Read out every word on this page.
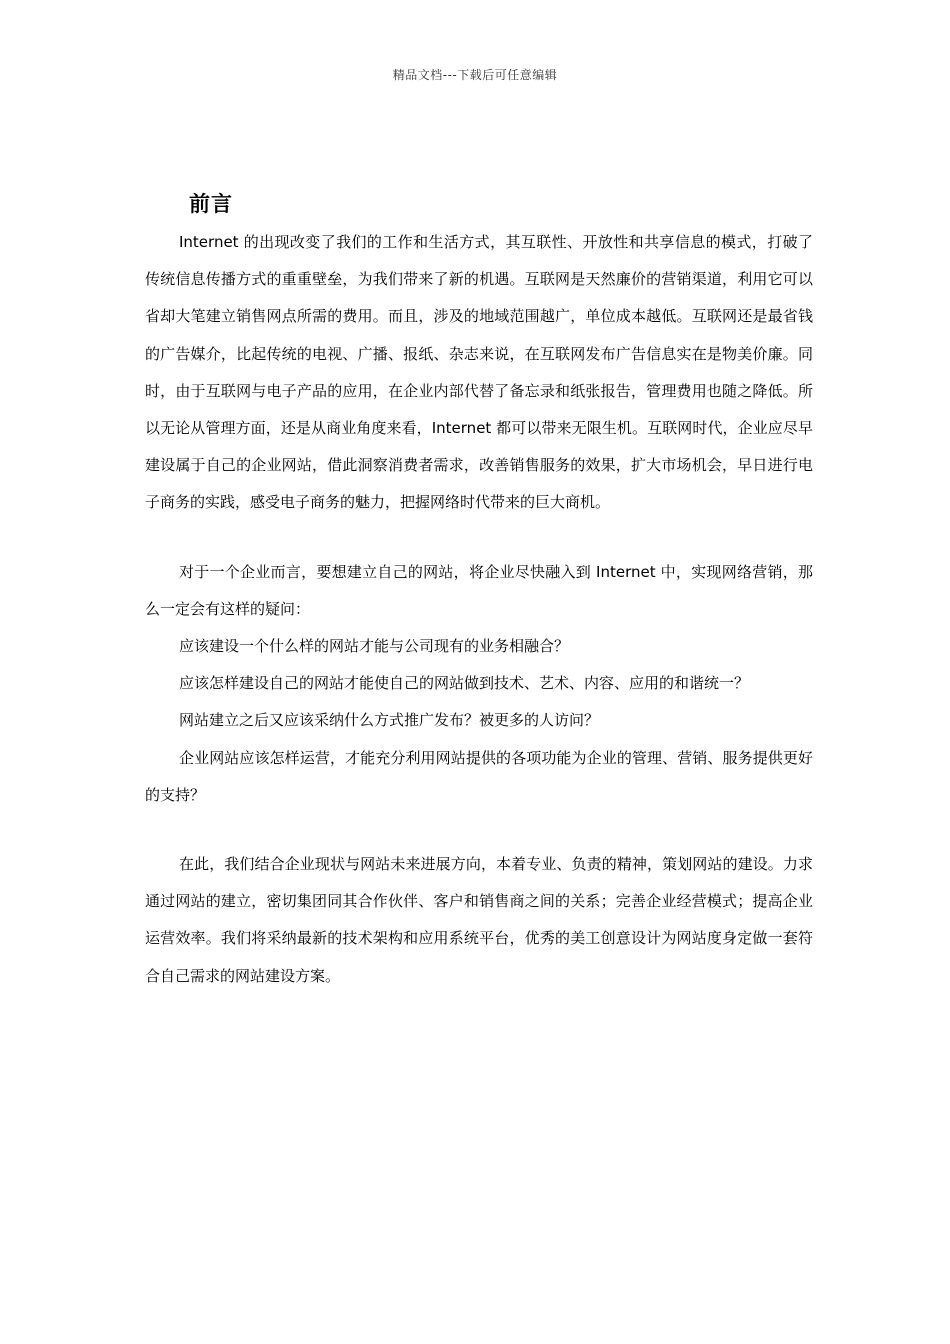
精品文档---下载后可任意编辑
前言

Internet 的出现改变了我们的工作和生活方式，其互联性、开放性和共享信息的模式，打破了传统信息传播方式的重重壁垒，为我们带来了新的机遇。互联网是天然廉价的营销渠道，利用它可以省却大笔建立销售网点所需的费用。而且，涉及的地域范围越广，单位成本越低。互联网还是最省钱的广告媒介，比起传统的电视、广播、报纸、杂志来说，在互联网发布广告信息实在是物美价廉。同时，由于互联网与电子产品的应用，在企业内部代替了备忘录和纸张报告，管理费用也随之降低。所以无论从管理方面，还是从商业角度来看，Internet 都可以带来无限生机。互联网时代，企业应尽早建设属于自己的企业网站，借此洞察消费者需求，改善销售服务的效果，扩大市场机会，早日进行电子商务的实践，感受电子商务的魅力，把握网络时代带来的巨大商机。

对于一个企业而言，要想建立自己的网站，将企业尽快融入到 Internet 中，实现网络营销，那么一定会有这样的疑问：

应该建设一个什么样的网站才能与公司现有的业务相融合？

应该怎样建设自己的网站才能使自己的网站做到技术、艺术、内容、应用的和谐统一？

网站建立之后又应该采纳什么方式推广发布？被更多的人访问？

企业网站应该怎样运营，才能充分利用网站提供的各项功能为企业的管理、营销、服务提供更好的支持？

在此，我们结合企业现状与网站未来进展方向，本着专业、负责的精神，策划网站的建设。力求通过网站的建立，密切集团同其合作伙伴、客户和销售商之间的关系；完善企业经营模式；提高企业运营效率。我们将采纳最新的技术架构和应用系统平台，优秀的美工创意设计为网站度身定做一套符合自己需求的网站建设方案。
